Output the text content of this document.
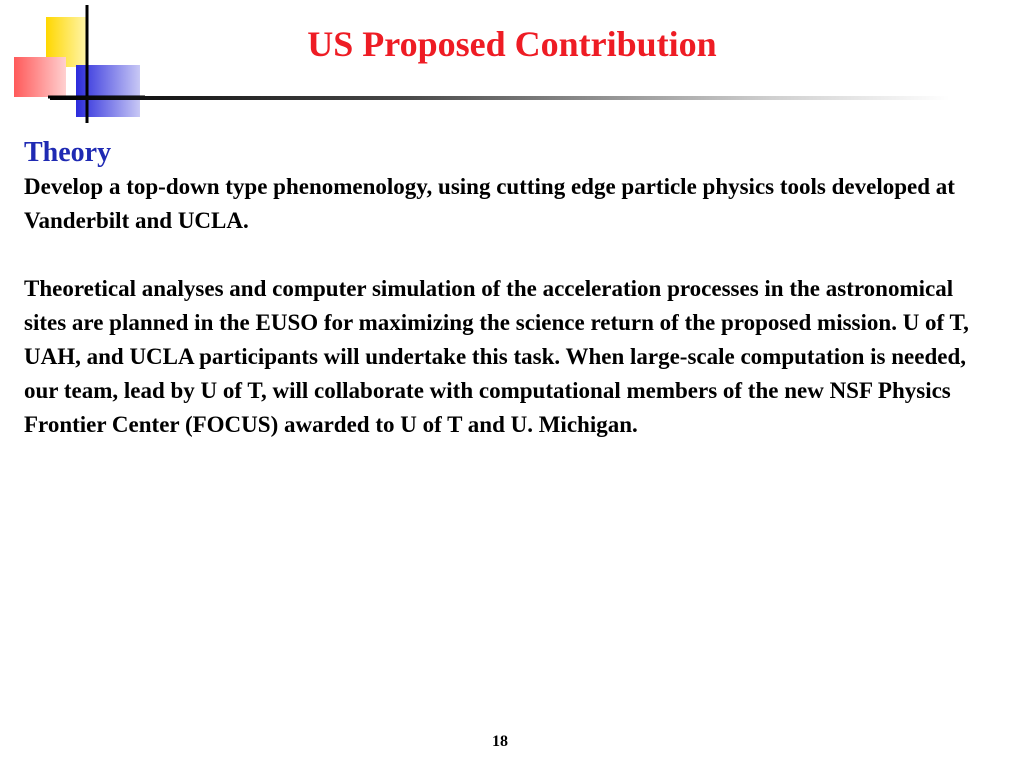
US Proposed Contribution

Theory

Develop a top-down type phenomenology, using cutting edge particle physics tools developed at Vanderbilt and UCLA.

Theoretical analyses and computer simulation of the acceleration processes in the astronomical sites are planned in the EUSO for maximizing the science return of the proposed mission. U of T, UAH, and UCLA participants will undertake this task. When large-scale computation is needed, our team, lead by U of T, will collaborate with computational members of the new NSF Physics Frontier Center (FOCUS) awarded to U of T and U. Michigan.

18
